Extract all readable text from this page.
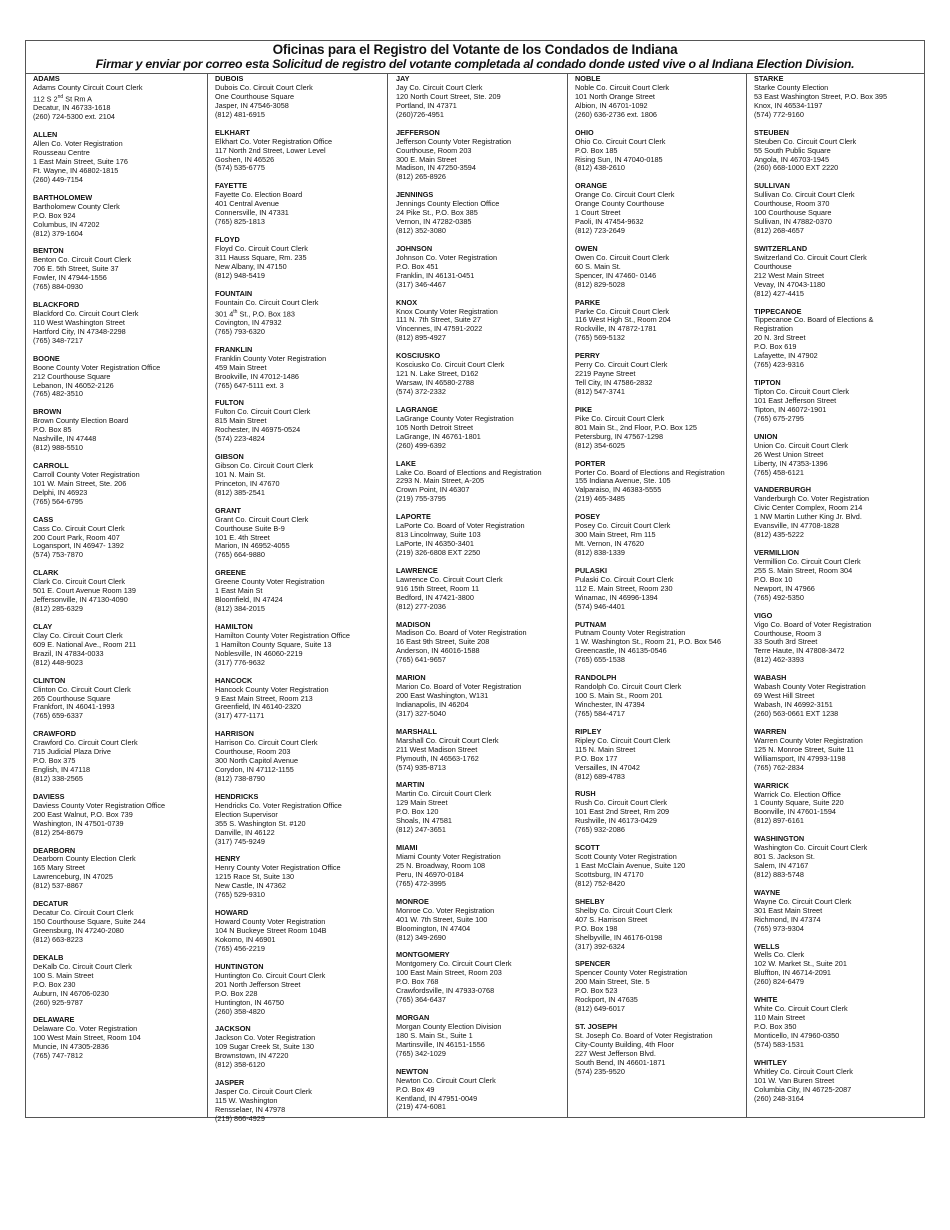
Oficinas para el Registro del Votante de los Condados de Indiana
Firmar y enviar por correo esta Solicitud de registro del votante completada al condado donde usted vive o al Indiana Election Division.
ADAMS
Adams County Circuit Court Clerk
112 S 2nd St Rm A
Decatur, IN 46733-1618
(260) 724-5300 ext. 2104
ALLEN
Allen Co. Voter Registration
Rousseau Centre
1 East Main Street, Suite 176
Ft. Wayne, IN 46802-1815
(260) 449-7154
BARTHOLOMEW
Bartholomew County Clerk
P.O. Box 924
Columbus, IN 47202
(812) 379-1604
BENTON
Benton Co. Circuit Court Clerk
706 E. 5th Street, Suite 37
Fowler, IN 47944-1556
(765) 884-0930
BLACKFORD
Blackford Co. Circuit Court Clerk
110 West Washington Street
Hartford City, IN 47348-2298
(765) 348-7217
BOONE
Boone County Voter Registration Office
212 Courthouse Square
Lebanon, IN 46052-2126
(765) 482-3510
BROWN
Brown County Election Board
P.O. Box 85
Nashville, IN 47448
(812) 988-5510
CARROLL
Carroll County Voter Registration
101 W. Main Street, Ste. 206
Delphi, IN 46923
(765) 564-6795
CASS
Cass Co. Circuit Court Clerk
200 Court Park, Room 407
Logansport, IN 46947- 1392
(574) 753-7870
CLARK
Clark Co. Circuit Court Clerk
501 E. Court Avenue Room 139
Jeffersonville, IN 47130-4090
(812) 285-6329
CLAY
Clay Co. Circuit Court Clerk
609 E. National Ave., Room 211
Brazil, IN 47834-0033
(812) 448-9023
CLINTON
Clinton Co. Circuit Court Clerk
265 Courthouse Square
Frankfort, IN 46041-1993
(765) 659-6337
CRAWFORD
Crawford Co. Circuit Court Clerk
715 Judicial Plaza Drive
P.O. Box 375
English, IN 47118
(812) 338-2565
DAVIESS
Daviess County Voter Registration Office
200 East Walnut, P.O. Box 739
Washington, IN 47501-0739
(812) 254-8679
DEARBORN
Dearborn County Election Clerk
165 Mary Street
Lawrenceburg, IN 47025
(812) 537-8867
DECATUR
Decatur Co. Circuit Court Clerk
150 Courthouse Square, Suite 244
Greensburg, IN 47240-2080
(812) 663-8223
DEKALB
DeKalb Co. Circuit Court Clerk
100 S. Main Street
P.O. Box 230
Auburn, IN 46706-0230
(260) 925-9787
DELAWARE
Delaware Co. Voter Registration
100 West Main Street, Room 104
Muncie, IN 47305-2836
(765) 747-7812
DUBOIS
Dubois Co. Circuit Court Clerk
One Courthouse Square
Jasper, IN 47546-3058
(812) 481-6915
ELKHART
Elkhart Co. Voter Registration Office
117 North 2nd Street, Lower Level
Goshen, IN 46526
(574) 535-6775
FAYETTE
Fayette Co. Election Board
401 Central Avenue
Connersville, IN 47331
(765) 825-1813
FLOYD
Floyd Co. Circuit Court Clerk
311 Hauss Square, Rm. 235
New Albany, IN 47150
(812) 948-5419
FOUNTAIN
Fountain Co. Circuit Court Clerk
301 4th St., P.O. Box 183
Covington, IN 47932
(765) 793-6320
FRANKLIN
Franklin County Voter Registration
459 Main Street
Brookville, IN 47012-1486
(765) 647-5111 ext. 3
FULTON
Fulton Co. Circuit Court Clerk
815 Main Street
Rochester, IN 46975-0524
(574) 223-4824
GIBSON
Gibson Co. Circuit Court Clerk
101 N. Main St.
Princeton, IN 47670
(812) 385-2541
GRANT
Grant Co. Circuit Court Clerk
Courthouse Suite B-9
101 E. 4th Street
Marion, IN 46952-4055
(765) 664-9880
GREENE
Greene County Voter Registration
1 East Main St
Bloomfield, IN 47424
(812) 384-2015
HAMILTON
Hamilton County Voter Registration Office
1 Hamilton County Square, Suite 13
Noblesville, IN 46060-2219
(317) 776-9632
HANCOCK
Hancock County Voter Registration
9 East Main Street, Room 213
Greenfield, IN 46140-2320
(317) 477-1171
HARRISON
Harrison Co. Circuit Court Clerk
Courthouse, Room 203
300 North Capitol Avenue
Corydon, IN 47112-1155
(812) 738-8790
HENDRICKS
Hendricks Co. Voter Registration Office
Election Supervisor
355 S. Washington St. #120
Danville, IN 46122
(317) 745-9249
HENRY
Henry County Voter Registration Office
1215 Race St, Suite 130
New Castle, IN 47362
(765) 529-9310
HOWARD
Howard County Voter Registration
104 N Buckeye Street Room 104B
Kokomo, IN 46901
(765) 456-2219
HUNTINGTON
Huntington Co. Circuit Court Clerk
201 North Jefferson Street
P.O. Box 228
Huntington, IN 46750
(260) 358-4820
JACKSON
Jackson Co. Voter Registration
109 Sugar Creek St, Suite 130
Brownstown, IN 47220
(812) 358-6120
JASPER
Jasper Co. Circuit Court Clerk
115 W. Washington
Rensselaer, IN 47978
(219) 866-4929
JAY
Jay Co. Circuit Court Clerk
120 North Court Street, Ste. 209
Portland, IN 47371
(260)726-4951
JEFFERSON
Jefferson County Voter Registration
Courthouse, Room 203
300 E. Main Street
Madison, IN 47250-3594
(812) 265-8926
JENNINGS
Jennings County Election Office
24 Pike St., P.O. Box 385
Vernon, IN 47282-0385
(812) 352-3080
JOHNSON
Johnson Co. Voter Registration
P.O. Box 451
Franklin, IN 46131-0451
(317) 346-4467
KNOX
Knox County Voter Registration
111 N. 7th Street, Suite 27
Vincennes, IN 47591-2022
(812) 895-4927
KOSCIUSKO
Kosciusko Co. Circuit Court Clerk
121 N. Lake Street, D162
Warsaw, IN 46580-2788
(574) 372-2332
LAGRANGE
LaGrange County Voter Registration
105 North Detroit Street
LaGrange, IN 46761-1801
(260) 499-6392
LAKE
Lake Co. Board of Elections and Registration
2293 N. Main Street, A-205
Crown Point, IN 46307
(219) 755-3795
LAPORTE
LaPorte Co. Board of Voter Registration
813 Lincolnway, Suite 103
LaPorte, IN 46350-3401
(219) 326-6808 EXT 2250
LAWRENCE
Lawrence Co. Circuit Court Clerk
916 15th Street, Room 11
Bedford, IN 47421-3800
(812) 277-2036
MADISON
Madison Co. Board of Voter Registration
16 East 9th Street, Suite 208
Anderson, IN 46016-1588
(765) 641-9657
MARION
Marion Co. Board of Voter Registration
200 East Washington, W131
Indianapolis, IN 46204
(317) 327-5040
MARSHALL
Marshall Co. Circuit Court Clerk
211 West Madison Street
Plymouth, IN 46563-1762
(574) 935-8713
MARTIN
Martin Co. Circuit Court Clerk
129 Main Street
P.O. Box 120
Shoals, IN 47581
(812) 247-3651
MIAMI
Miami County Voter Registration
25 N. Broadway, Room 108
Peru, IN 46970-0184
(765) 472-3995
MONROE
Monroe Co. Voter Registration
401 W. 7th Street, Suite 100
Bloomington, IN 47404
(812) 349-2690
MONTGOMERY
Montgomery Co. Circuit Court Clerk
100 East Main Street, Room 203
P.O. Box 768
Crawfordsville, IN 47933-0768
(765) 364-6437
MORGAN
Morgan County Election Division
180 S. Main St., Suite 1
Martinsville, IN 46151-1556
(765) 342-1029
NEWTON
Newton Co. Circuit Court Clerk
P.O. Box 49
Kentland, IN 47951-0049
(219) 474-6081
NOBLE
Noble Co. Circuit Court Clerk
101 North Orange Street
Albion, IN 46701-1092
(260) 636-2736 ext. 1806
OHIO
Ohio Co. Circuit Court Clerk
P.O. Box 185
Rising Sun, IN 47040-0185
(812) 438-2610
ORANGE
Orange Co. Circuit Court Clerk
Orange County Courthouse
1 Court Street
Paoli, IN 47454-9632
(812) 723-2649
OWEN
Owen Co. Circuit Court Clerk
60 S. Main St.
Spencer, IN 47460- 0146
(812) 829-5028
PARKE
Parke Co. Circuit Court Clerk
116 West High St., Room 204
Rockville, IN 47872-1781
(765) 569-5132
PERRY
Perry Co. Circuit Court Clerk
2219 Payne Street
Tell City, IN 47586-2832
(812) 547-3741
PIKE
Pike Co. Circuit Court Clerk
801 Main St., 2nd Floor, P.O. Box 125
Petersburg, IN 47567-1298
(812) 354-6025
PORTER
Porter Co. Board of Elections and Registration
155 Indiana Avenue, Ste. 105
Valparaiso, IN 46383-5555
(219) 465-3485
POSEY
Posey Co. Circuit Court Clerk
300 Main Street, Rm 115
Mt. Vernon, IN 47620
(812) 838-1339
PULASKI
Pulaski Co. Circuit Court Clerk
112 E. Main Street, Room 230
Winamac, IN 46996-1394
(574) 946-4401
PUTNAM
Putnam County Voter Registration
1 W. Washington St., Room 21, P.O. Box 546
Greencastle, IN 46135-0546
(765) 655-1538
RANDOLPH
Randolph Co. Circuit Court Clerk
100 S. Main St., Room 201
Winchester, IN 47394
(765) 584-4717
RIPLEY
Ripley Co. Circuit Court Clerk
115 N. Main Street
P.O. Box 177
Versailles, IN 47042
(812) 689-4783
RUSH
Rush Co. Circuit Court Clerk
101 East 2nd Street, Rm 209
Rushville, IN 46173-0429
(765) 932-2086
SCOTT
Scott County Voter Registration
1 East McClain Avenue, Suite 120
Scottsburg, IN 47170
(812) 752-8420
SHELBY
Shelby Co. Circuit Court Clerk
407 S. Harrison Street
P.O. Box 198
Shelbyville, IN 46176-0198
(317) 392-6324
SPENCER
Spencer County Voter Registration
200 Main Street, Ste. 5
P.O. Box 523
Rockport, IN 47635
(812) 649-6017
ST. JOSEPH
St. Joseph Co. Board of Voter Registration
City-County Building, 4th Floor
227 West Jefferson Blvd.
South Bend, IN 46601-1871
(574) 235-9520
STARKE
Starke County Election
53 East Washington Street, P.O. Box 395
Knox, IN 46534-1197
(574) 772-9160
STEUBEN
Steuben Co. Circuit Court Clerk
55 South Public Square
Angola, IN 46703-1945
(260) 668-1000 EXT 2220
SULLIVAN
Sullivan Co. Circuit Court Clerk
Courthouse, Room 370
100 Courthouse Square
Sullivan, IN 47882-0370
(812) 268-4657
SWITZERLAND
Switzerland Co. Circuit Court Clerk
Courthouse
212 West Main Street
Vevay, IN 47043-1180
(812) 427-4415
TIPPECANOE
Tippecanoe Co. Board of Elections &
Registration
20 N. 3rd Street
P.O. Box 619
Lafayette, IN 47902
(765) 423-9316
TIPTON
Tipton Co. Circuit Court Clerk
101 East Jefferson Street
Tipton, IN 46072-1901
(765) 675-2795
UNION
Union Co. Circuit Court Clerk
26 West Union Street
Liberty, IN 47353-1396
(765) 458-6121
VANDERBURGH
Vanderburgh Co. Voter Registration
Civic Center Complex, Room 214
1 NW Martin Luther King Jr. Blvd.
Evansville, IN 47708-1828
(812) 435-5222
VERMILLION
Vermillion Co. Circuit Court Clerk
255 S. Main Street, Room 304
P.O. Box 10
Newport, IN 47966
(765) 492-5350
VIGO
Vigo Co. Board of Voter Registration
Courthouse, Room 3
33 South 3rd Street
Terre Haute, IN 47808-3472
(812) 462-3393
WABASH
Wabash County Voter Registration
69 West Hill Street
Wabash, IN 46992-3151
(260) 563-0661 EXT 1238
WARREN
Warren County Voter Registration
125 N. Monroe Street, Suite 11
Williamsport, IN 47993-1198
(765) 762-2834
WARRICK
Warrick Co. Election Office
1 County Square, Suite 220
Boonville, IN 47601-1594
(812) 897-6161
WASHINGTON
Washington Co. Circuit Court Clerk
801 S. Jackson St.
Salem, IN 47167
(812) 883-5748
WAYNE
Wayne Co. Circuit Court Clerk
301 East Main Street
Richmond, IN 47374
(765) 973-9304
WELLS
Wells Co. Clerk
102 W. Market St., Suite 201
Bluffton, IN 46714-2091
(260) 824-6479
WHITE
White Co. Circuit Court Clerk
110 Main Street
P.O. Box 350
Monticello, IN 47960-0350
(574) 583-1531
WHITLEY
Whitley Co. Circuit Court Clerk
101 W. Van Buren Street
Columbia City, IN 46725-2087
(260) 248-3164
